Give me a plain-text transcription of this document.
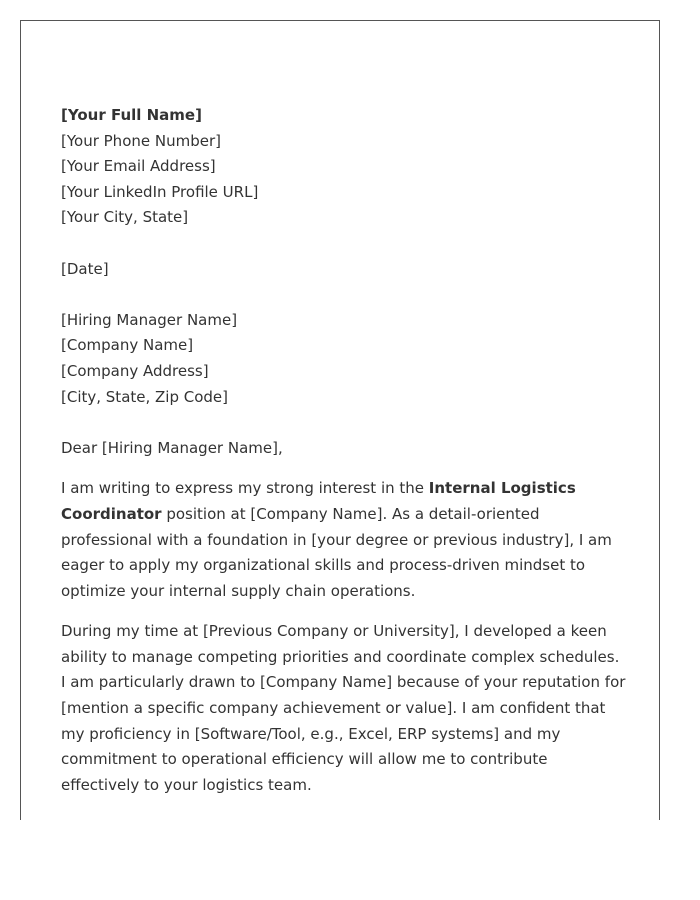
[Your Full Name]
[Your Phone Number]
[Your Email Address]
[Your LinkedIn Profile URL]
[Your City, State]
[Date]
[Hiring Manager Name]
[Company Name]
[Company Address]
[City, State, Zip Code]

Dear [Hiring Manager Name],

I am writing to express my strong interest in the Internal Logistics Coordinator position at [Company Name]. As a detail-oriented professional with a foundation in [your degree or previous industry], I am eager to apply my organizational skills and process-driven mindset to optimize your internal supply chain operations.

During my time at [Previous Company or University], I developed a keen ability to manage competing priorities and coordinate complex schedules. I am particularly drawn to [Company Name] because of your reputation for [mention a specific company achievement or value]. I am confident that my proficiency in [Software/Tool, e.g., Excel, ERP systems] and my commitment to operational efficiency will allow me to contribute effectively to your logistics team.
